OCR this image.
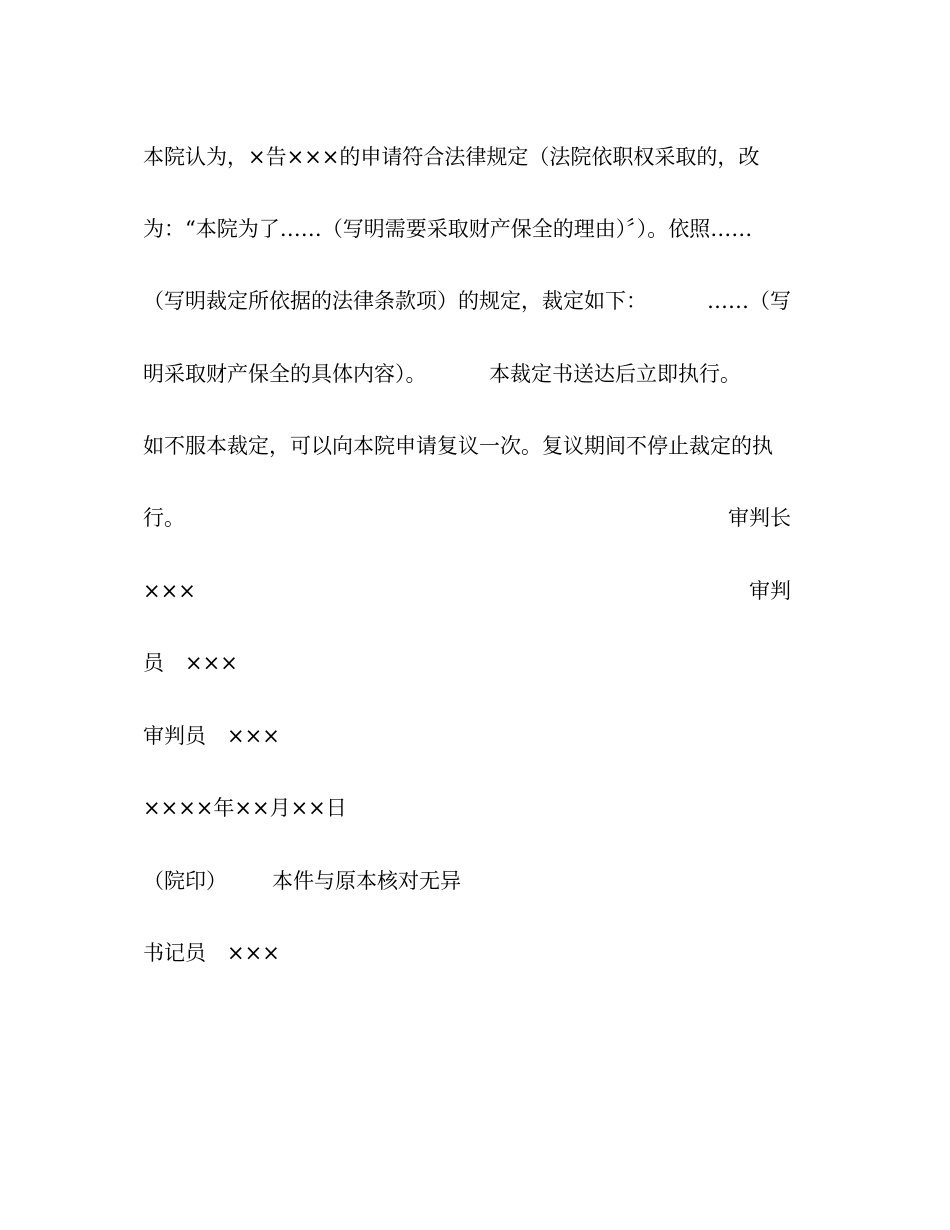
本院认为，×告×××的申请符合法律规定（法院依职权采取的，改
为：“本院为了……（写明需要采取财产保全的理由）〞）。依照……
（写明裁定所依据的法律条款项）的规定，裁定如下：	……（写
明采取财产保全的具体内容）。	本裁定书送达后立即执行。
如不服本裁定，可以向本院申请复议一次。复议期间不停止裁定的执
行。	审判长
×××	审判
员　×××
审判员　×××
××××年××月××日
（院印） 本件与原本核对无异
书记员　×××
